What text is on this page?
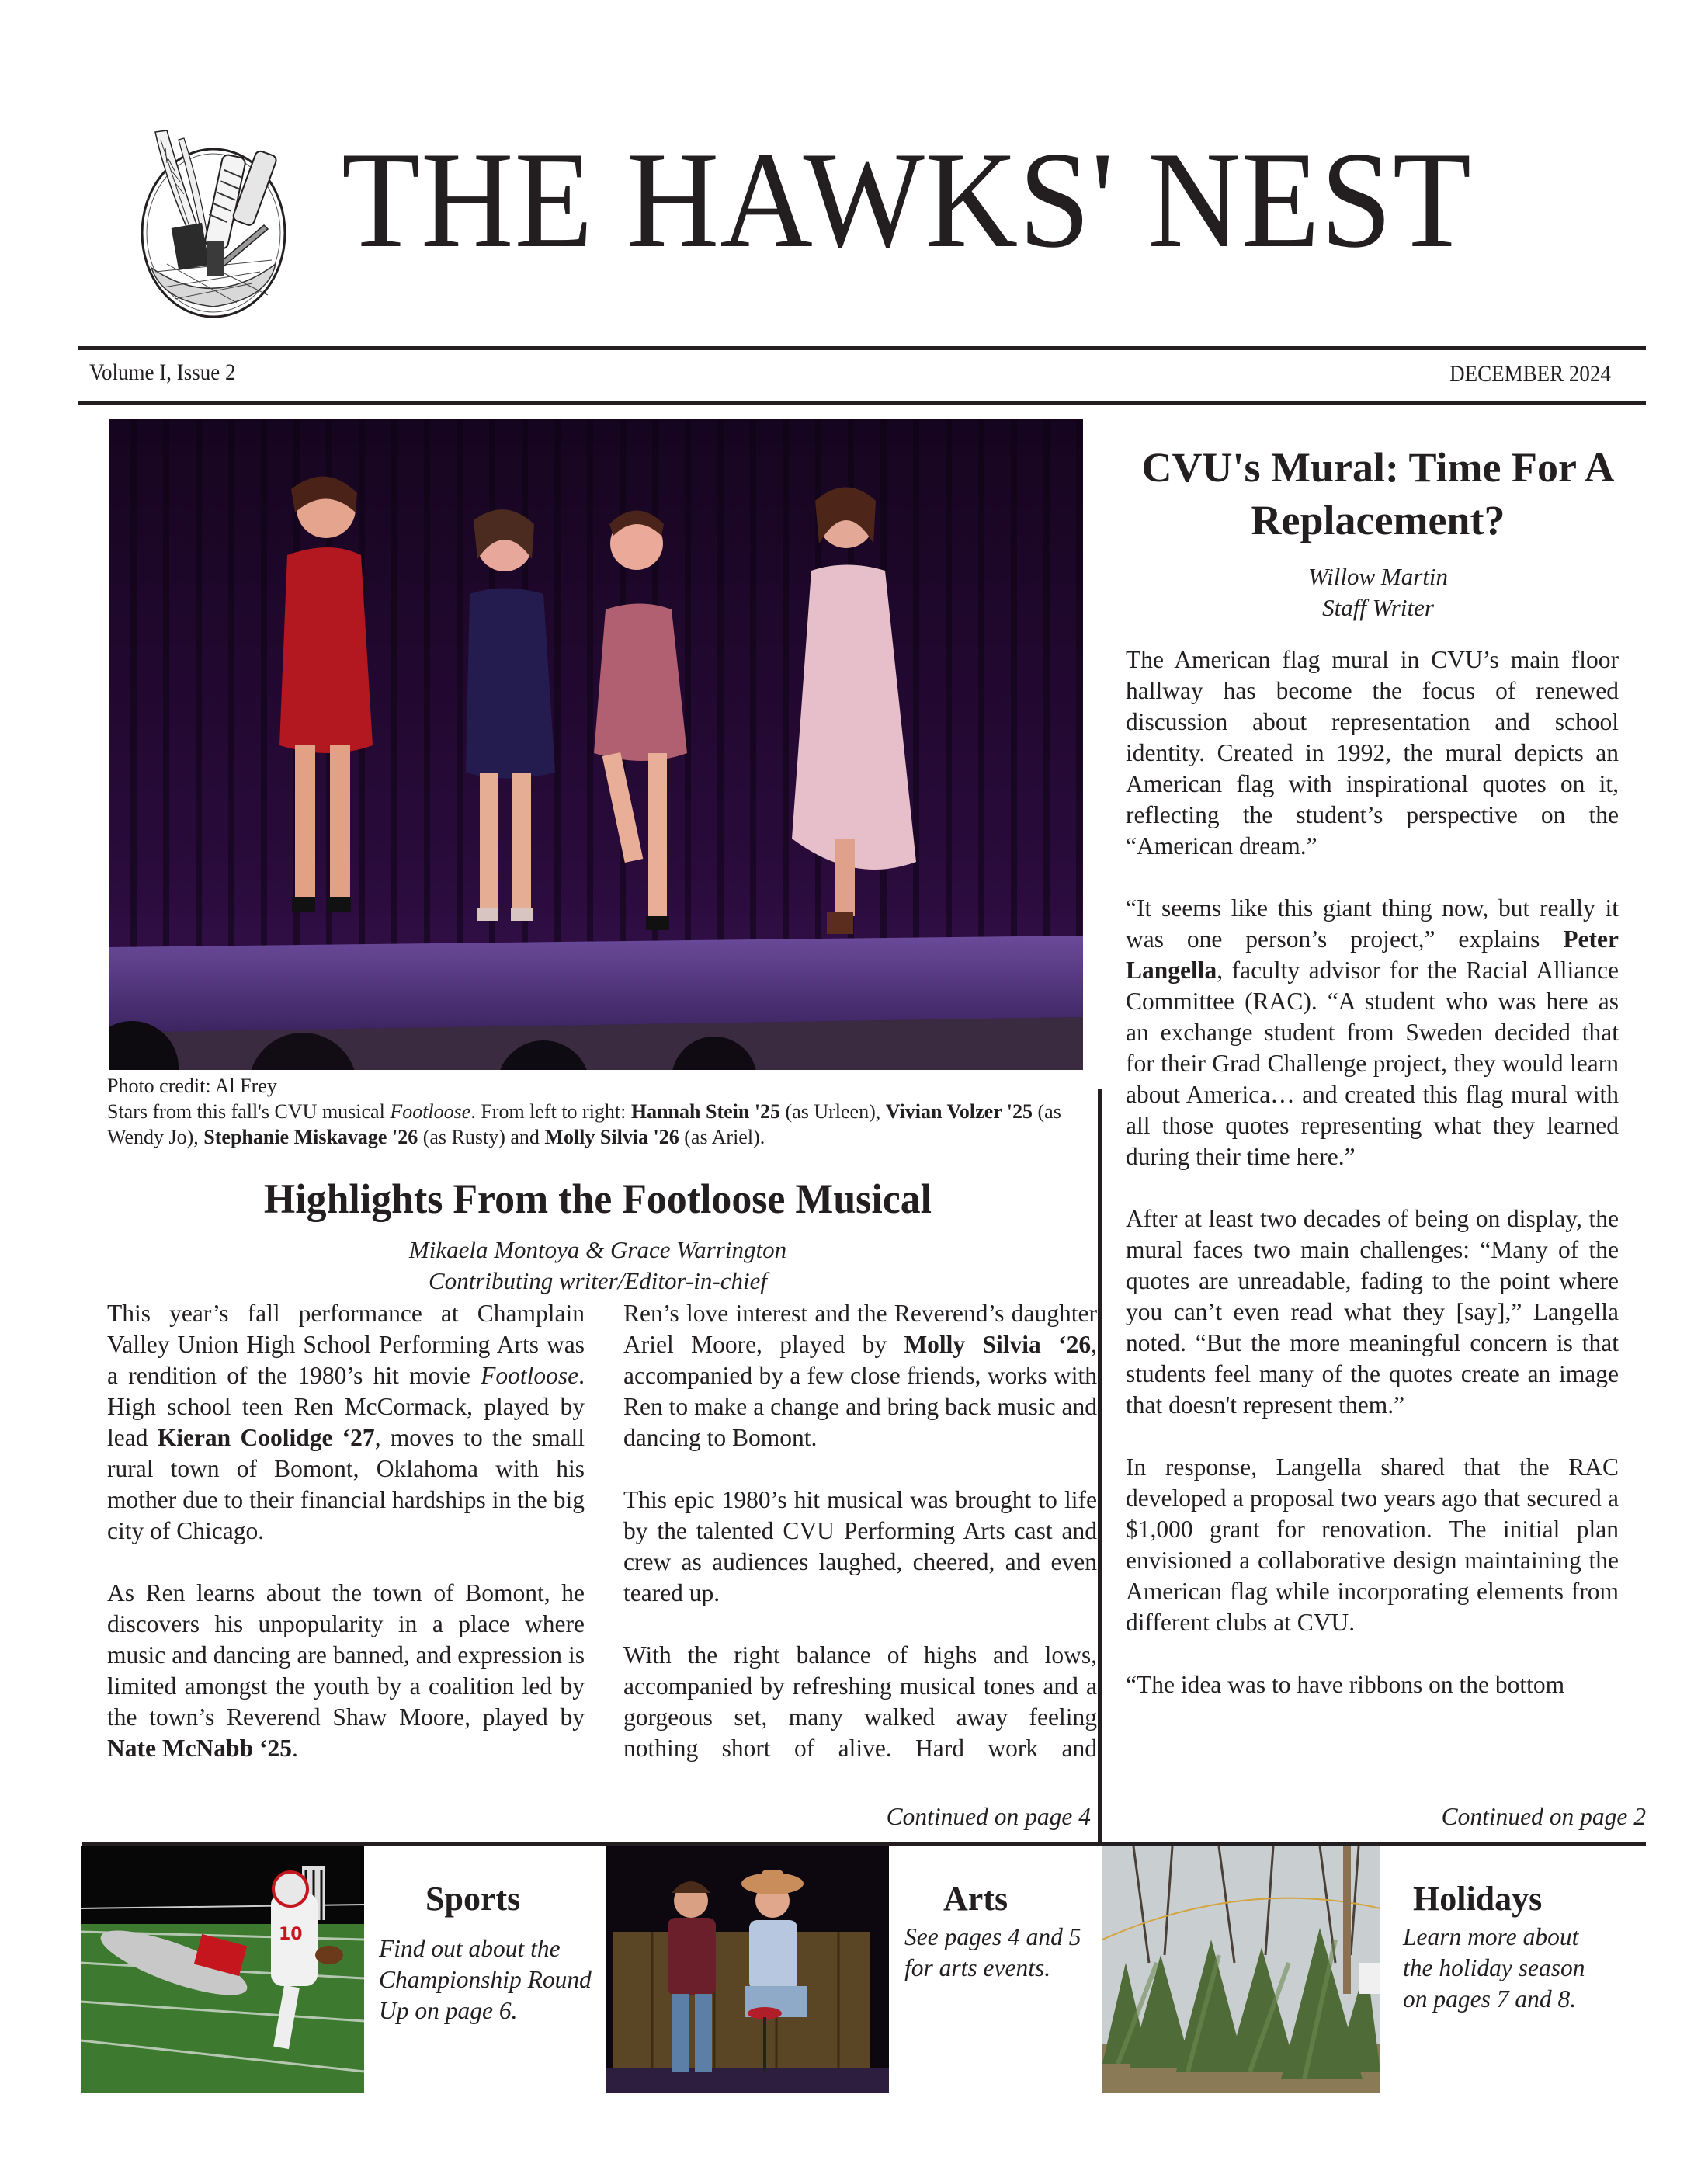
THE HAWKS' NEST
Volume I, Issue 2	DECEMBER 2024
Photo credit: Al Frey
Stars from this fall's CVU musical Footloose. From left to right: Hannah Stein '25 (as Urleen), Vivian Volzer '25 (as Wendy Jo), Stephanie Miskavage '26 (as Rusty) and Molly Silvia '26 (as Ariel).
Highlights From the Footloose Musical
Mikaela Montoya & Grace Warrington
Contributing writer/Editor-in-chief

This year’s fall performance at Champlain Valley Union High School Performing Arts was a rendition of the 1980’s hit movie Footloose. High school teen Ren McCormack, played by lead Kieran Coolidge ‘27, moves to the small rural town of Bomont, Oklahoma with his mother due to their financial hardships in the big city of Chicago.

As Ren learns about the town of Bomont, he discovers his unpopularity in a place where music and dancing are banned, and expression is limited amongst the youth by a coalition led by the town’s Reverend Shaw Moore, played by Nate McNabb ‘25.

Ren’s love interest and the Reverend’s daughter Ariel Moore, played by Molly Silvia ‘26, accompanied by a few close friends, works with Ren to make a change and bring back music and dancing to Bomont.

This epic 1980’s hit musical was brought to life by the talented CVU Performing Arts cast and crew as audiences laughed, cheered, and even teared up.

With the right balance of highs and lows, accompanied by refreshing musical tones and a gorgeous set, many walked away feeling nothing short of alive. Hard work and

Continued on page 4
CVU's Mural: Time For A Replacement?
Willow Martin
Staff Writer

The American flag mural in CVU’s main floor hallway has become the focus of renewed discussion about representation and school identity. Created in 1992, the mural depicts an American flag with inspirational quotes on it, reflecting the student’s perspective on the “American dream.”

“It seems like this giant thing now, but really it was one person’s project,” explains Peter Langella, faculty advisor for the Racial Alliance Committee (RAC). “A student who was here as an exchange student from Sweden decided that for their Grad Challenge project, they would learn about America… and created this flag mural with all those quotes representing what they learned during their time here.”

After at least two decades of being on display, the mural faces two main challenges: “Many of the quotes are unreadable, fading to the point where you can’t even read what they [say],” Langella noted. “But the more meaningful concern is that students feel many of the quotes create an image that doesn't represent them.”

In response, Langella shared that the RAC developed a proposal two years ago that secured a $1,000 grant for renovation. The initial plan envisioned a collaborative design maintaining the American flag while incorporating elements from different clubs at CVU.

“The idea was to have ribbons on the bottom

Continued on page 2
10
Sports
Find out about the Championship Round Up on page 6.
Arts
See pages 4 and 5 for arts events.
Holidays
Learn more about the holiday season on pages 7 and 8.
